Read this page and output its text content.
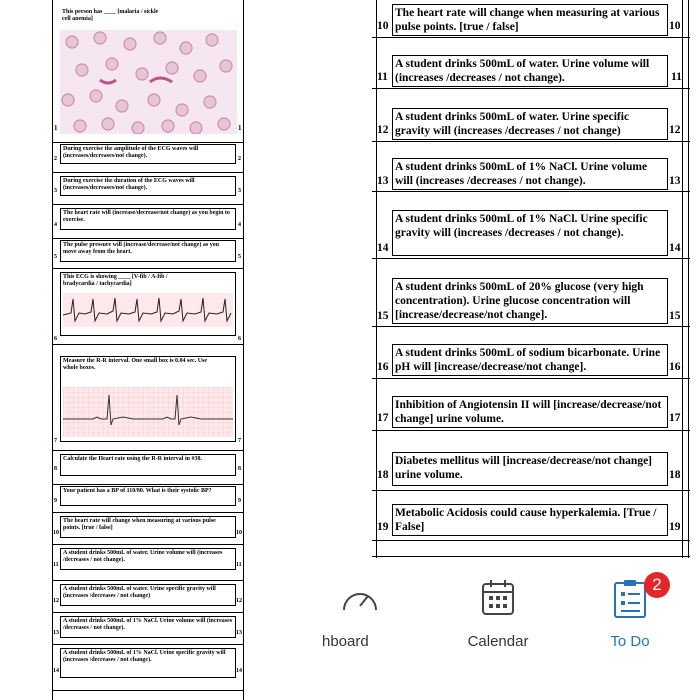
This person has ____ [malaria / sickle cell anemia]
1	1
During exercise the amplitude of the ECG waves will (increases/decreases/not change).
2	2
During exercise the duration of the ECG waves will (increases/decreases/not change).
3	3
The heart rate will (increase/decrease/not change) as you begin to exercise.
4	4
The pulse pressure will (increase/decrease/not change) as you move away from the heart.
5	5
This ECG is showing ____ [V-fib / A-fib / bradycardia / tachycardia]
6	6
Measure the R-R interval. One small box is 0.04 sec. Use whole boxes.
7	7
Calculate the Heart rate using the R-R interval in #38.
8	8
Your patient has a BP of 110/80. What is their systolic BP?
9	9
The heart rate will change when measuring at various pulse points. [true / false]
10	10
A student drinks 500mL of water. Urine volume will (increases /decreases / not change).
11	11
A student drinks 500mL of water. Urine specific gravity will (increases /decreases / not change)
12	12
A student drinks 500mL of 1% NaCl. Urine volume will (increases /decreases / not change).
13	13
A student drinks 500mL of 1% NaCl. Urine specific gravity will (increases /decreases / not change).
14	14
The heart rate will change when measuring at various pulse points. [true / false]
10	10
A student drinks 500mL of water. Urine volume will (increases /decreases / not change).
11	11
A student drinks 500mL of water. Urine specific gravity will (increases /decreases / not change)
12	12
A student drinks 500mL of 1% NaCl. Urine volume will (increases /decreases / not change).
13	13
A student drinks 500mL of 1% NaCl. Urine specific gravity will (increases /decreases / not change).
14	14
A student drinks 500mL of 20% glucose (very high concentration). Urine glucose concentration will [increase/decrease/not change].
15	15
A student drinks 500mL of sodium bicarbonate. Urine pH will [increase/decrease/not change].
16	16
Inhibition of Angiotensin II will [increase/decrease/not change] urine volume.
17	17
Diabetes mellitus will [increase/decrease/not change] urine volume.
18	18
Metabolic Acidosis could cause hyperkalemia. [True / False]
19	19
hboard	Calendar
2
To Do
